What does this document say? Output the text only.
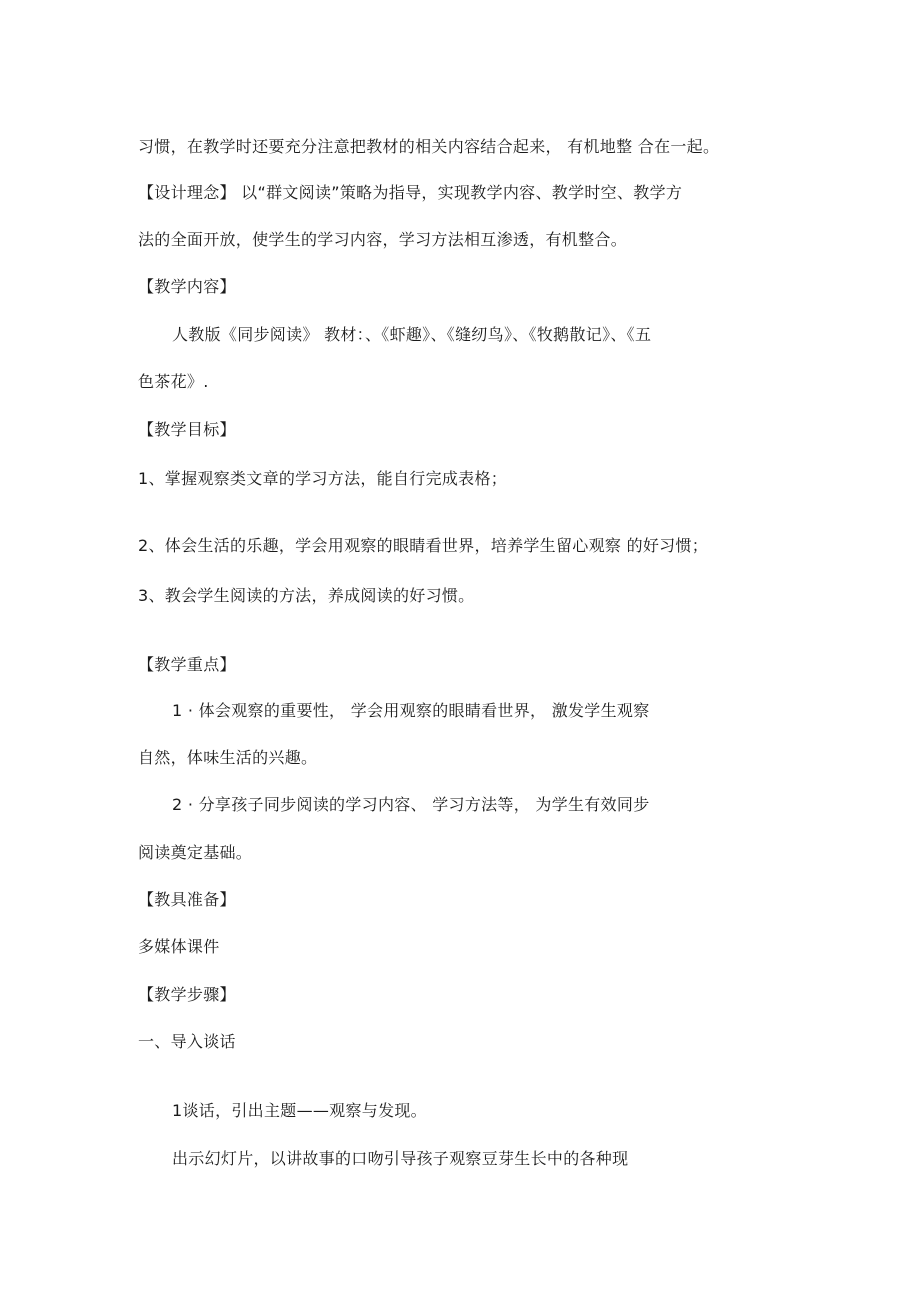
习惯，在教学时还要充分注意把教材的相关内容结合起来， 有机地整 合在一起。
【设计理念】 以“群文阅读”策略为指导，实现教学内容、教学时空、教学方
法的全面开放，使学生的学习内容，学习方法相互渗透，有机整合。
【教学内容】
人教版《同步阅读》 教材：、《虾趣》、《缝纫鸟》、《牧鹅散记》、《五
色茶花》.
【教学目标】
1、掌握观察类文章的学习方法，能自行完成表格；
2、体会生活的乐趣，学会用观察的眼睛看世界，培养学生留心观察 的好习惯；
3、教会学生阅读的方法，养成阅读的好习惯。
【教学重点】
1 · 体会观察的重要性， 学会用观察的眼睛看世界， 激发学生观察
自然，体味生活的兴趣。
2 · 分享孩子同步阅读的学习内容、 学习方法等， 为学生有效同步
阅读奠定基础。
【教具准备】
多媒体课件
【教学步骤】
一、导入谈话
1谈话，引出主题——观察与发现。
出示幻灯片，以讲故事的口吻引导孩子观察豆芽生长中的各种现
